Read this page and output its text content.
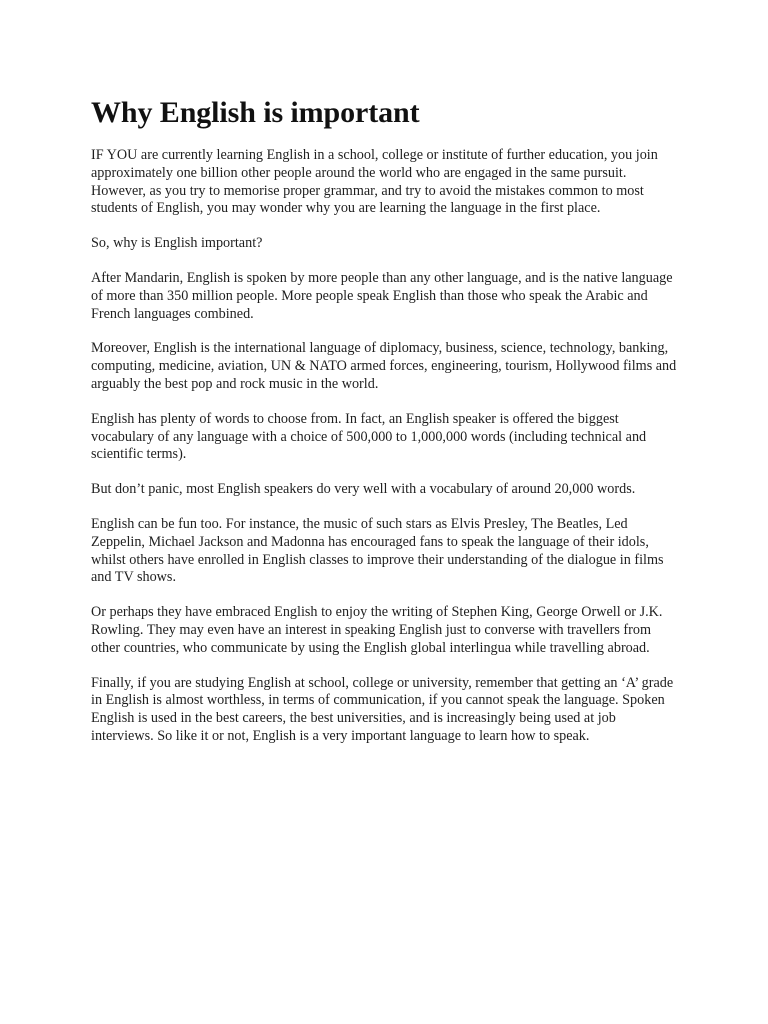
Why English is important

IF YOU are currently learning English in a school, college or institute of further education, you join approximately one billion other people around the world who are engaged in the same pursuit. However, as you try to memorise proper grammar, and try to avoid the mistakes common to most students of English, you may wonder why you are learning the language in the first place.

So, why is English important?

After Mandarin, English is spoken by more people than any other language, and is the native language of more than 350 million people. More people speak English than those who speak the Arabic and French languages combined.

Moreover, English is the international language of diplomacy, business, science, technology, banking, computing, medicine, aviation, UN & NATO armed forces, engineering, tourism, Hollywood films and arguably the best pop and rock music in the world.

English has plenty of words to choose from. In fact, an English speaker is offered the biggest vocabulary of any language with a choice of 500,000 to 1,000,000 words (including technical and scientific terms).

But don’t panic, most English speakers do very well with a vocabulary of around 20,000 words.

English can be fun too. For instance, the music of such stars as Elvis Presley, The Beatles, Led Zeppelin, Michael Jackson and Madonna has encouraged fans to speak the language of their idols, whilst others have enrolled in English classes to improve their understanding of the dialogue in films and TV shows.

Or perhaps they have embraced English to enjoy the writing of Stephen King, George Orwell or J.K. Rowling. They may even have an interest in speaking English just to converse with travellers from other countries, who communicate by using the English global interlingua while travelling abroad.

Finally, if you are studying English at school, college or university, remember that getting an ‘A’ grade in English is almost worthless, in terms of communication, if you cannot speak the language. Spoken English is used in the best careers, the best universities, and is increasingly being used at job interviews. So like it or not, English is a very important language to learn how to speak.
